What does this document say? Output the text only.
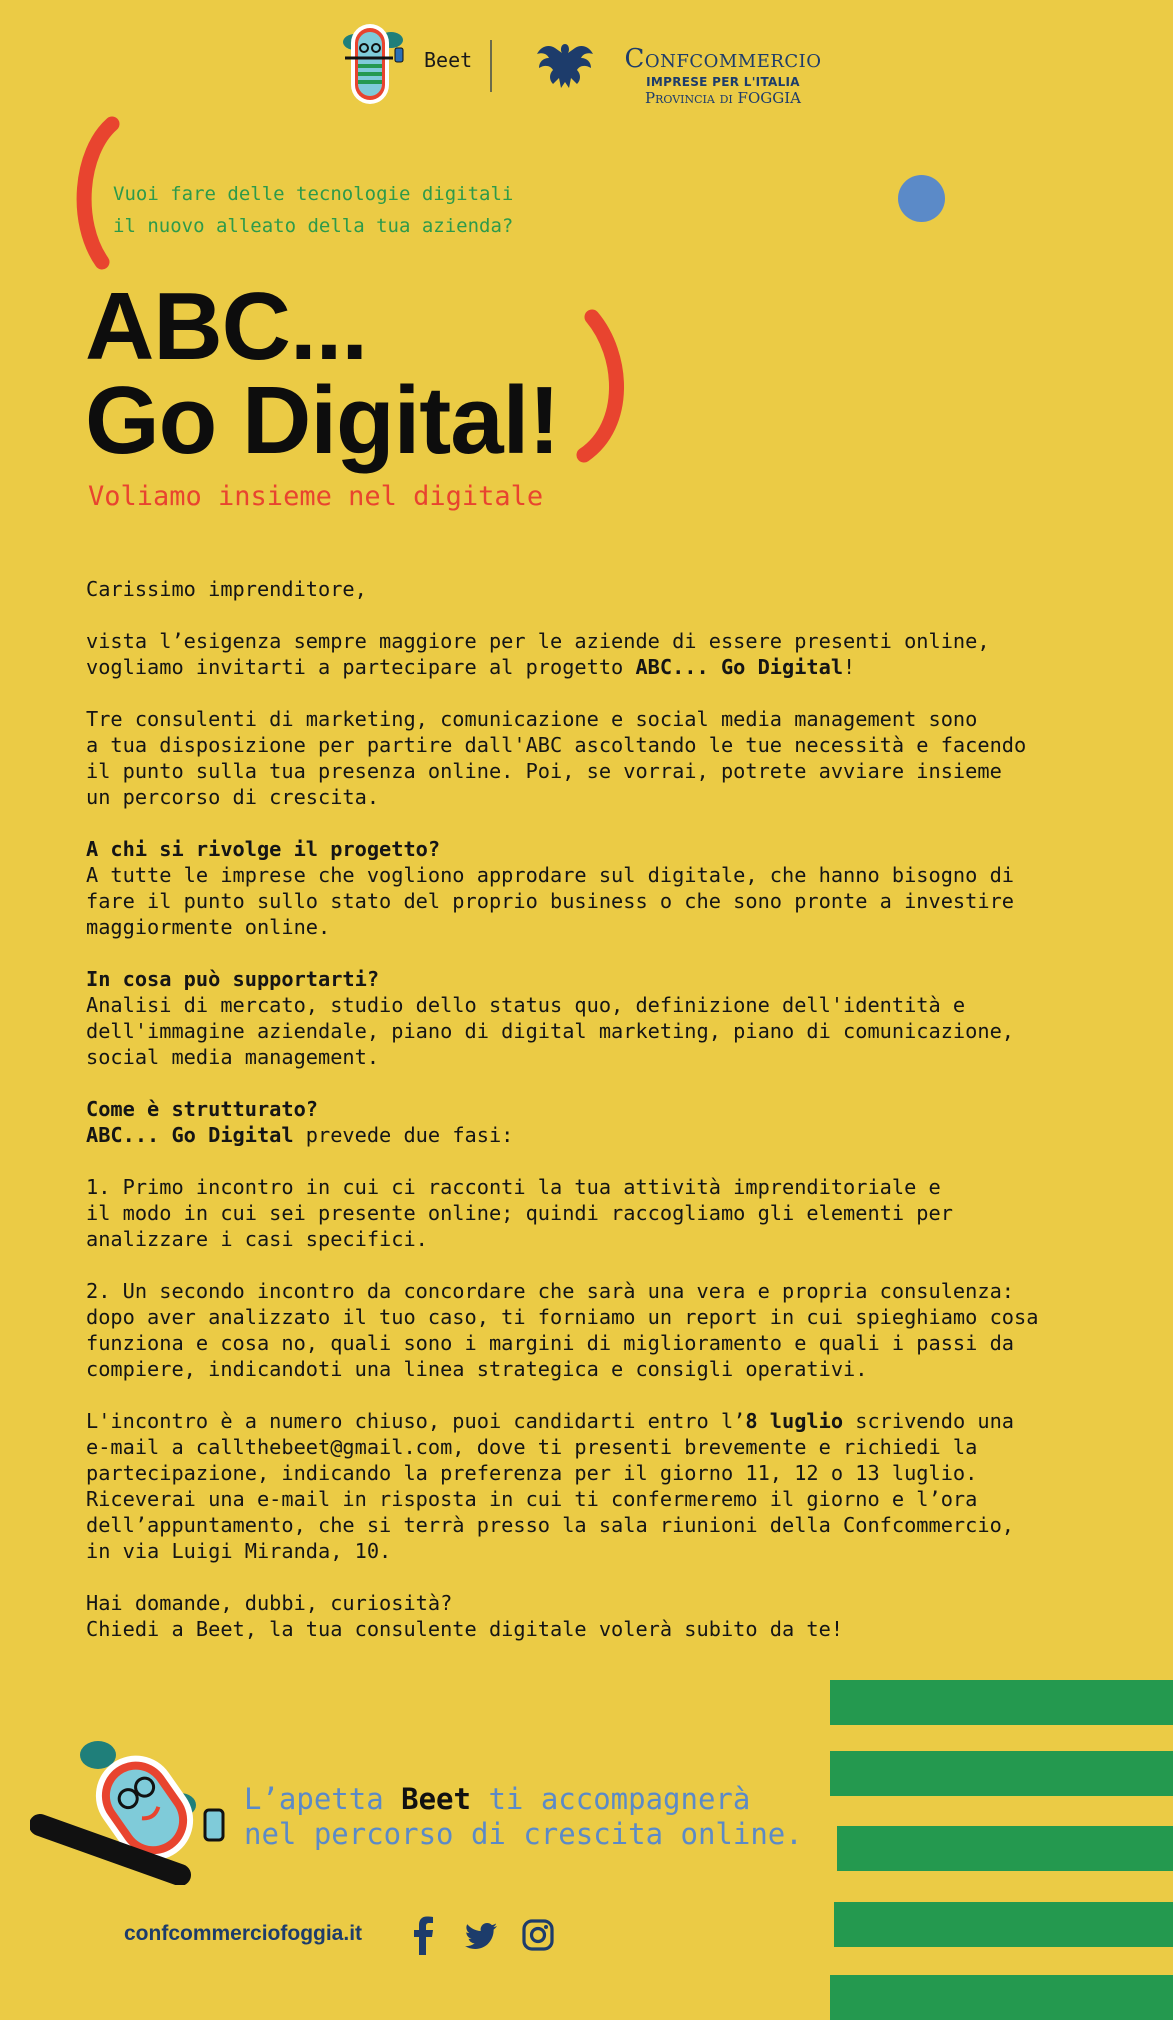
Beet	Confcommercio
IMPRESE PER L'ITALIA
Provincia di FOGGIA
Vuoi fare delle tecnologie digitali
il nuovo alleato della tua azienda?
ABC...
Go Digital!
Voliamo insieme nel digitale

Carissimo imprenditore,

vista l’esigenza sempre maggiore per le aziende di essere presenti online,
vogliamo invitarti a partecipare al progetto ABC... Go Digital!

Tre consulenti di marketing, comunicazione e social media management sono
a tua disposizione per partire dall'ABC ascoltando le tue necessità e facendo
il punto sulla tua presenza online. Poi, se vorrai, potrete avviare insieme
un percorso di crescita.

A chi si rivolge il progetto?
A tutte le imprese che vogliono approdare sul digitale, che hanno bisogno di
fare il punto sullo stato del proprio business o che sono pronte a investire
maggiormente online.

In cosa può supportarti?
Analisi di mercato, studio dello status quo, definizione dell'identità e
dell'immagine aziendale, piano di digital marketing, piano di comunicazione,
social media management.

Come è strutturato?
ABC... Go Digital prevede due fasi:

1. Primo incontro in cui ci racconti la tua attività imprenditoriale e
il modo in cui sei presente online; quindi raccogliamo gli elementi per
analizzare i casi specifici.

2. Un secondo incontro da concordare che sarà una vera e propria consulenza:
dopo aver analizzato il tuo caso, ti forniamo un report in cui spieghiamo cosa
funziona e cosa no, quali sono i margini di miglioramento e quali i passi da
compiere, indicandoti una linea strategica e consigli operativi.

L'incontro è a numero chiuso, puoi candidarti entro l’8 luglio scrivendo una
e-mail a callthebeet@gmail.com, dove ti presenti brevemente e richiedi la
partecipazione, indicando la preferenza per il giorno 11, 12 o 13 luglio.
Riceverai una e-mail in risposta in cui ti confermeremo il giorno e l’ora
dell’appuntamento, che si terrà presso la sala riunioni della Confcommercio,
in via Luigi Miranda, 10.

Hai domande, dubbi, curiosità?
Chiedi a Beet, la tua consulente digitale volerà subito da te!

L’apetta Beet ti accompagnerà
nel percorso di crescita online.
confcommerciofoggia.it
